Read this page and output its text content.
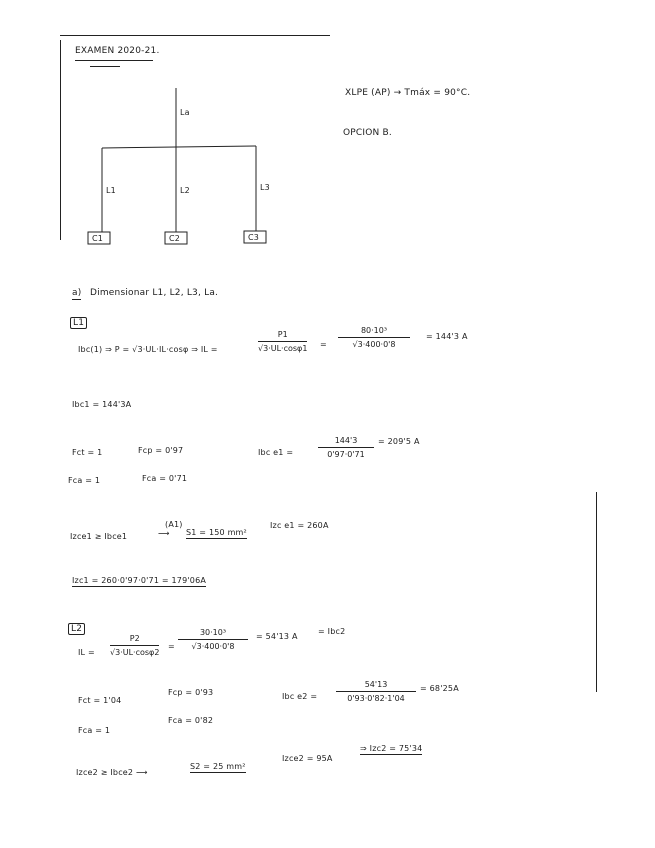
EXAMEN 2020-21.
La
L1	L2	L3
C1	C2	C3
XLPE (AP) → Tmáx = 90°C.
OPCION B.
a) Dimensionar L1, L2, L3, La.
L1
Ibc(1) ⇒ P = √3·UL·IL·cosφ ⇒ IL =
P1
√3·UL·cosφ1 =
80·10³
√3·400·0'8
= 144'3 A
Ibc1 = 144'3A
Fct = 1	Fcp = 0'97
Fca = 1	Fca = 0'71
Ibc e1 =
144'3
0'97·0'71
= 209'5 A
Izce1 ≥ Ibce1
(A1)
⟶ S1 = 150 mm²
Izc e1 = 260A
Izc1 = 260·0'97·0'71 = 179'06A
L2
IL =
P2
√3·UL·cosφ2
=
30·10³
√3·400·0'8
= 54'13 A
= Ibc2
Fct = 1'04
Fcp = 0'93
Fca = 1
Fca = 0'82
Ibc e2 =
54'13
0'93·0'82·1'04
= 68'25A
Izce2 ≥ Ibce2 ⟶
S2 = 25 mm²
Izce2 = 95A
⇒ Izc2 = 75'34
